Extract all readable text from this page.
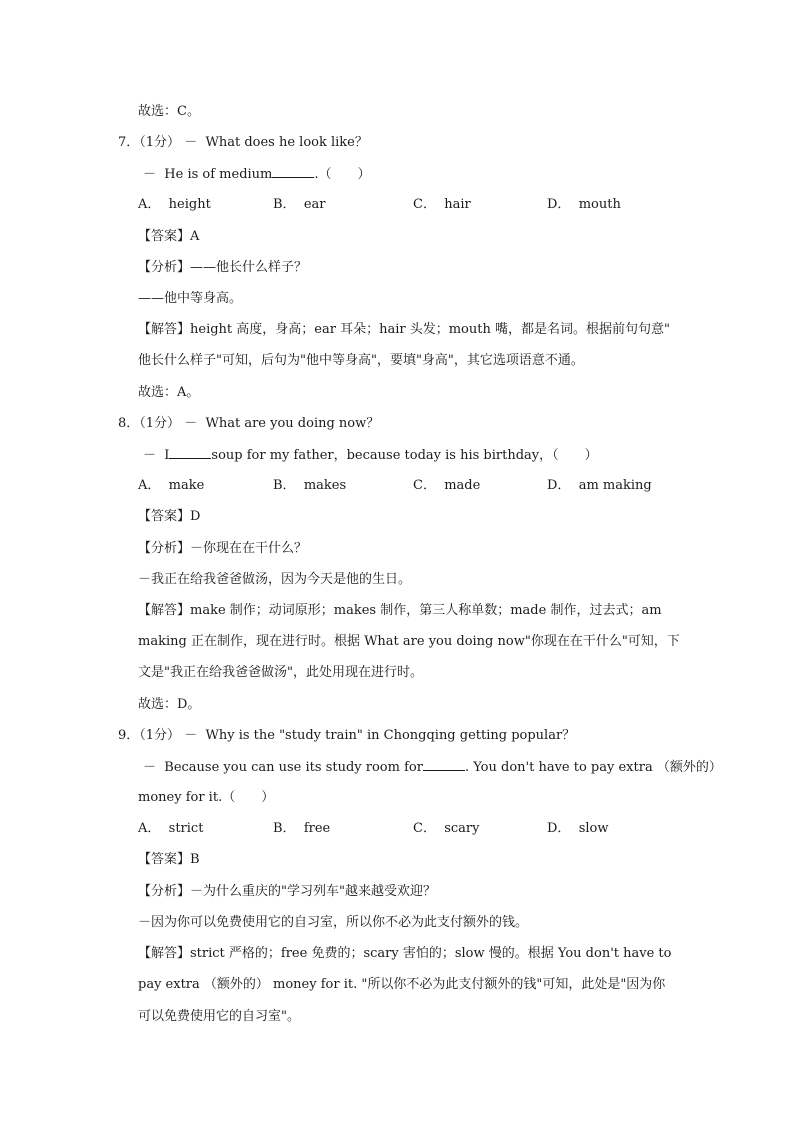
故选：C。
7．（1分） － What does he look like？
－ He is of medium	.（　　）
A． height	B． ear	C． hair	D． mouth
【答案】A
【分析】——他长什么样子？
——他中等身高。
【解答】height 高度，身高；ear 耳朵；hair 头发；mouth 嘴，都是名词。根据前句句意"
他长什么样子"可知，后句为"他中等身高"，要填"身高"，其它选项语意不通。
故选：A。
8．（1分） － What are you doing now？
－ I	soup for my father，because today is his birthday，（　　）
A． make	B． makes	C． made	D． am making
【答案】D
【分析】－你现在在干什么？
－我正在给我爸爸做汤，因为今天是他的生日。
【解答】make 制作；动词原形；makes 制作，第三人称单数；made 制作，过去式；am
making 正在制作，现在进行时。根据 What are you doing now"你现在在干什么"可知，下
文是"我正在给我爸爸做汤"，此处用现在进行时。
故选：D。
9．（1分） － Why is the "study train" in Chongqing getting popular？
－ Because you can use its study room for	. You don't have to pay extra （额外的）
money for it.（　　）
A． strict	B． free	C． scary	D． slow
【答案】B
【分析】－为什么重庆的"学习列车"越来越受欢迎？
－因为你可以免费使用它的自习室，所以你不必为此支付额外的钱。
【解答】strict 严格的；free 免费的；scary 害怕的；slow 慢的。根据 You don't have to
pay extra （额外的） money for it. "所以你不必为此支付额外的钱"可知，此处是"因为你
可以免费使用它的自习室"。
